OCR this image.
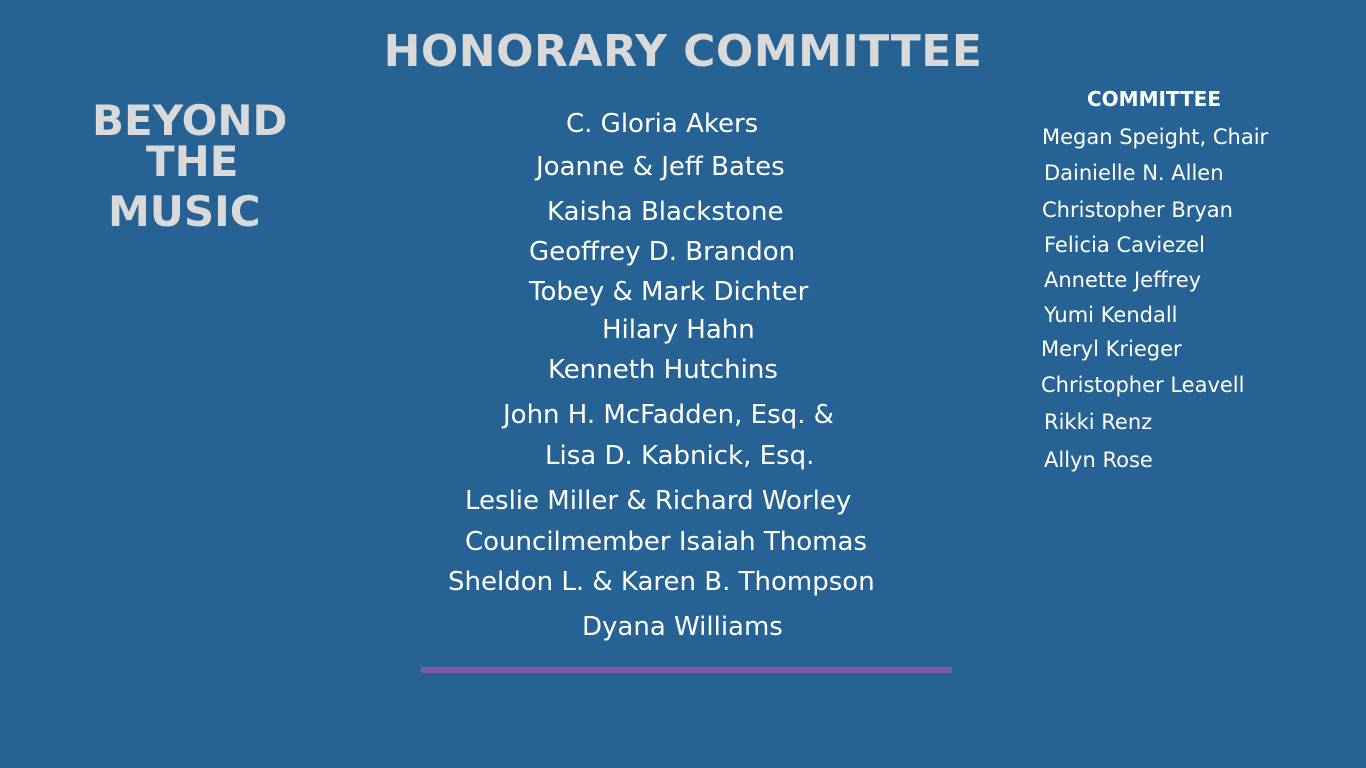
HONORARY COMMITTEE
BEYOND
THE
MUSIC
C. Gloria Akers
Joanne & Jeff Bates
Kaisha Blackstone
Geoffrey D. Brandon
Tobey & Mark Dichter
Hilary Hahn
Kenneth Hutchins
John H. McFadden, Esq. &
Lisa D. Kabnick, Esq.
Leslie Miller & Richard Worley
Councilmember Isaiah Thomas
Sheldon L. & Karen B. Thompson
Dyana Williams
COMMITTEE
Megan Speight, Chair
Dainielle N. Allen
Christopher Bryan
Felicia Caviezel
Annette Jeffrey
Yumi Kendall
Meryl Krieger
Christopher Leavell
Rikki Renz
Allyn Rose
